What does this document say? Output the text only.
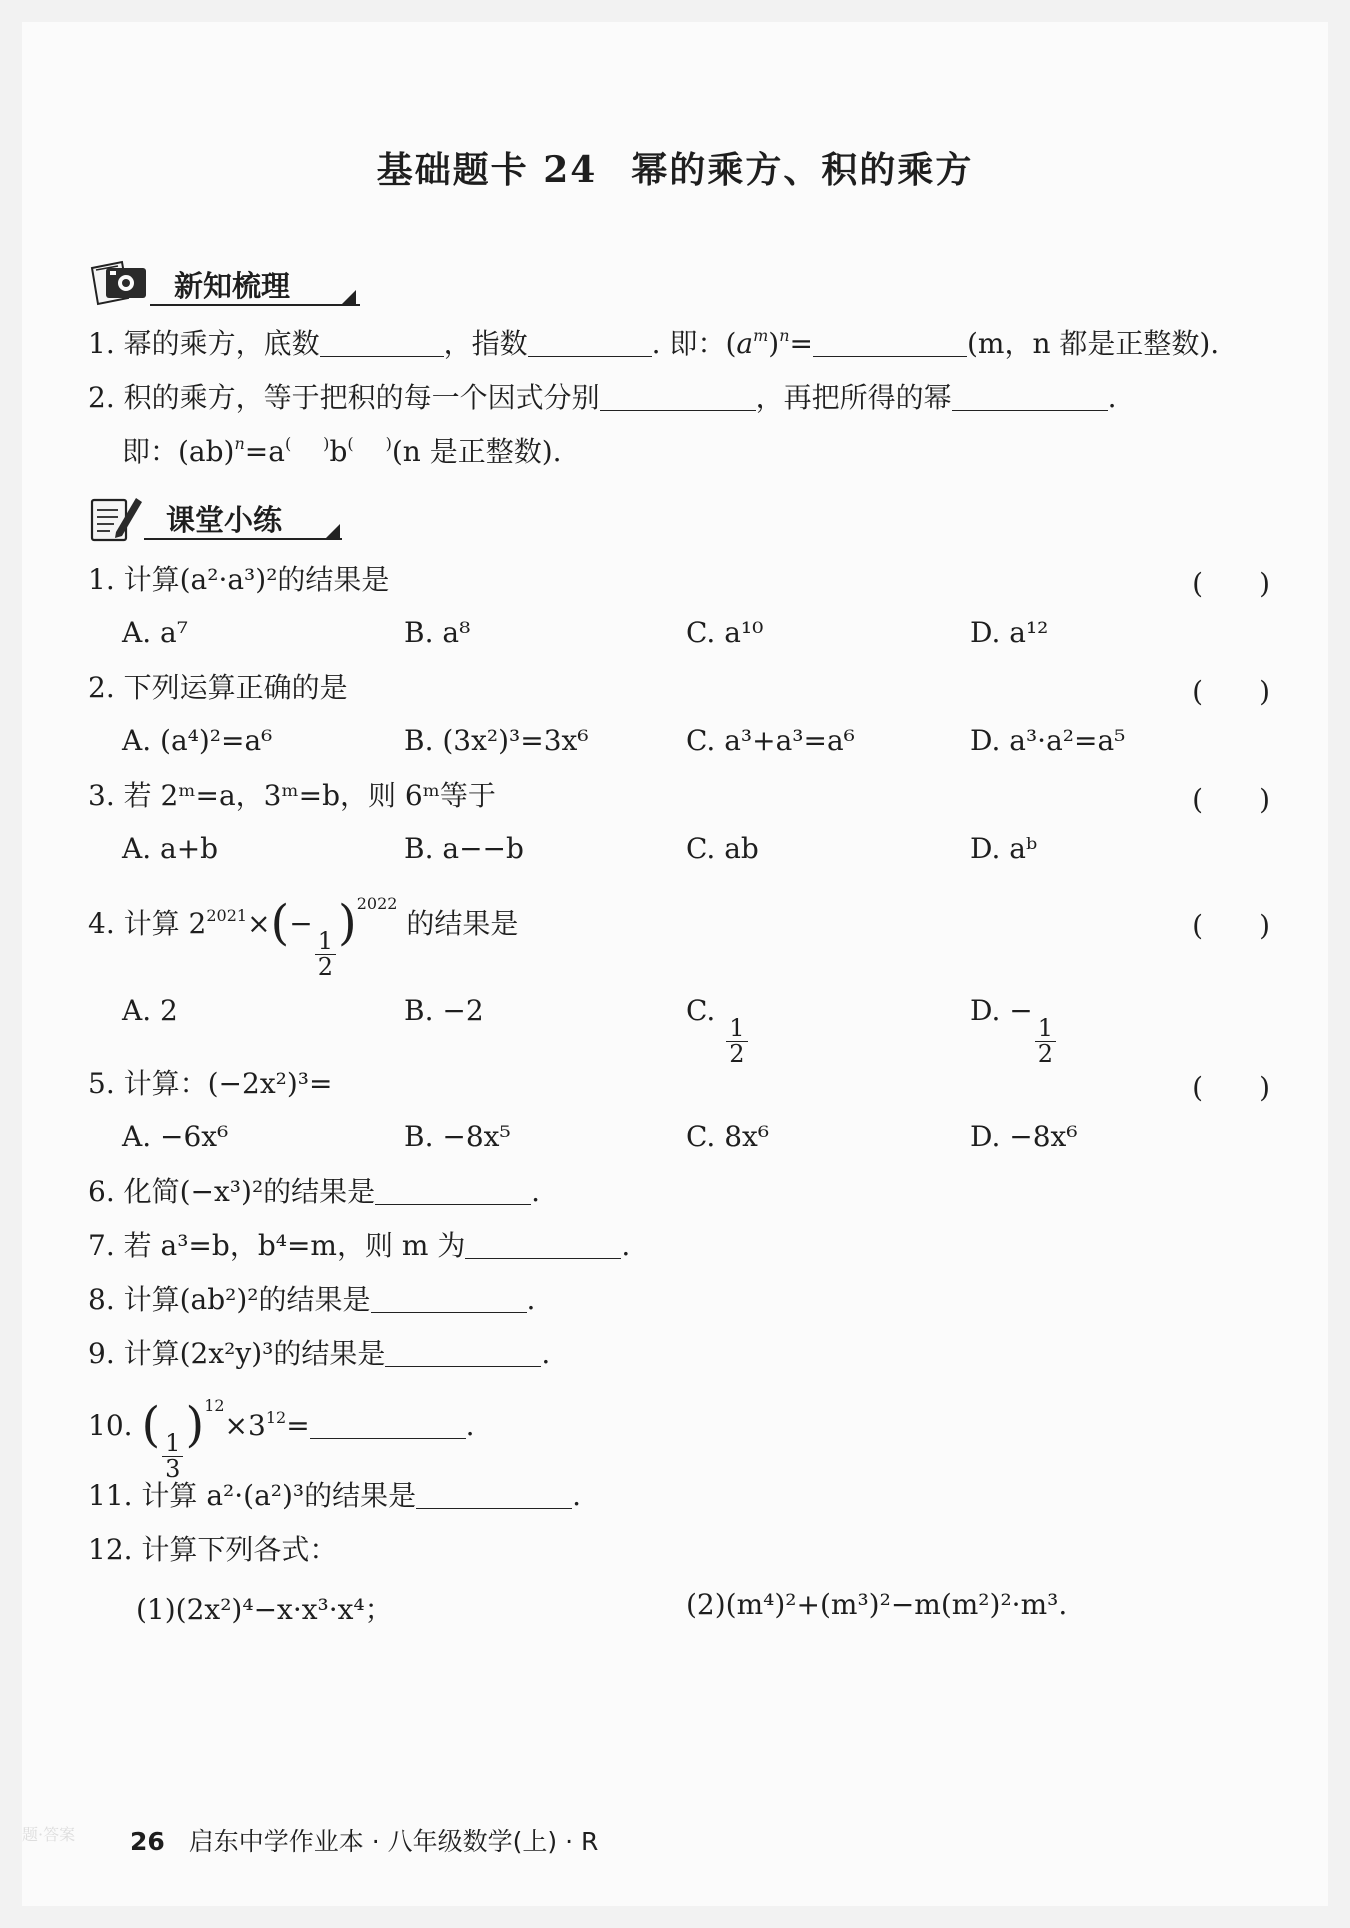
题·答案
基础题卡 24 幂的乘方、积的乘方
新知梳理
1. 幂的乘方，底数	，指数	. 即：$(a^m)^n=$	(m，n 都是正整数).
2. 积的乘方，等于把积的每一个因式分别	，再把所得的幂	.
即：(ab)$^n$=a(　　)b(　　)(n 是正整数).
课堂小练
1. 计算(a²·a³)²的结果是	(　　)
A. a⁷	B. a⁸	C. a¹⁰	D. a¹²
2. 下列运算正确的是	(　　)
A. (a⁴)²=a⁶	B. (3x²)³=3x⁶	C. a³+a³=a⁶	D. a³·a²=a⁵
3. 若 2ᵐ=a，3ᵐ=b，则 6ᵐ等于	(　　)
A. a+b	B. a−−b	C. ab	D. aᵇ
4. 计算 $2^{2021}\times(-$
$\frac{1}{2}$
)$^{2022}$ 的结果是	(　　)
A. 2	B. −2	C.
$\frac{1}{2}$
D. −
$\frac{1}{2}$
5. 计算：(−2x²)³=	(　　)
A. −6x⁶	B. −8x⁵	C. 8x⁶	D. −8x⁶
6. 化简(−x³)²的结果是	.
7. 若 a³=b，b⁴=m，则 m 为	.
8. 计算(ab²)²的结果是	.
9. 计算(2x²y)³的结果是	.
10. (
$\frac{1}{3}$
)$^{12}\times 3^{12}=$	.
11. 计算 a²·(a²)³的结果是	.
12. 计算下列各式：
(1)(2x²)⁴−x·x³·x⁴；	(2)(m⁴)²+(m³)²−m(m²)²·m³.
26 启东中学作业本 · 八年级数学(上) · R
